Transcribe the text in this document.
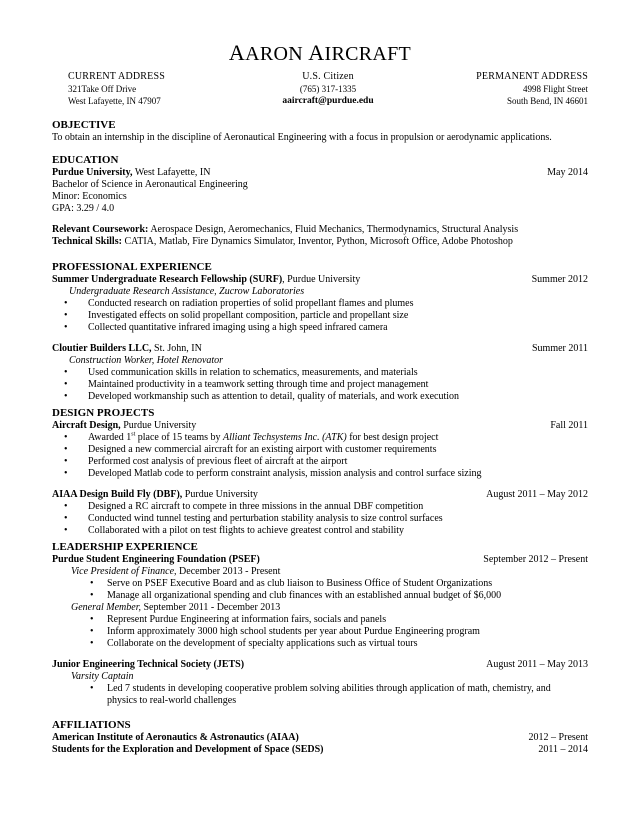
AARON AIRCRAFT
CURRENT ADDRESS
321Take Off Drive
West Lafayette, IN 47907
U.S. Citizen
(765) 317-1335
aaircraft@purdue.edu
PERMANENT ADDRESS
4998 Flight Street
South Bend, IN 46601
OBJECTIVE
To obtain an internship in the discipline of Aeronautical Engineering with a focus in propulsion or aerodynamic applications.
EDUCATION
Purdue University, West Lafayette, IN	May 2014
Bachelor of Science in Aeronautical Engineering
Minor: Economics
GPA: 3.29 / 4.0
Relevant Coursework: Aerospace Design, Aeromechanics, Fluid Mechanics, Thermodynamics, Structural Analysis
Technical Skills: CATIA, Matlab, Fire Dynamics Simulator, Inventor, Python, Microsoft Office, Adobe Photoshop
PROFESSIONAL EXPERIENCE
Summer Undergraduate Research Fellowship (SURF), Purdue University	Summer 2012
Undergraduate Research Assistance, Zucrow Laboratories
• Conducted research on radiation properties of solid propellant flames and plumes
• Investigated effects on solid propellant composition, particle and propellant size
• Collected quantitative infrared imaging using a high speed infrared camera
Cloutier Builders LLC, St. John, IN	Summer 2011
Construction Worker, Hotel Renovator
• Used communication skills in relation to schematics, measurements, and materials
• Maintained productivity in a teamwork setting through time and project management
• Developed workmanship such as attention to detail, quality of materials, and work execution
DESIGN PROJECTS
Aircraft Design, Purdue University	Fall 2011
• Awarded 1st place of 15 teams by Alliant Techsystems Inc. (ATK) for best design project
• Designed a new commercial aircraft for an existing airport with customer requirements
• Performed cost analysis of previous fleet of aircraft at the airport
• Developed Matlab code to perform constraint analysis, mission analysis and control surface sizing
AIAA Design Build Fly (DBF), Purdue University	August 2011 – May 2012
• Designed a RC aircraft to compete in three missions in the annual DBF competition
• Conducted wind tunnel testing and perturbation stability analysis to size control surfaces
• Collaborated with a pilot on test flights to achieve greatest control and stability
LEADERSHIP EXPERIENCE
Purdue Student Engineering Foundation (PSEF)	September 2012 – Present
Vice President of Finance, December 2013 - Present
• Serve on PSEF Executive Board and as club liaison to Business Office of Student Organizations
• Manage all organizational spending and club finances with an established annual budget of $6,000
General Member, September 2011 - December 2013
• Represent Purdue Engineering at information fairs, socials and panels
• Inform approximately 3000 high school students per year about Purdue Engineering program
• Collaborate on the development of specialty applications such as virtual tours
Junior Engineering Technical Society (JETS)	August 2011 – May 2013
Varsity Captain
• Led 7 students in developing cooperative problem solving abilities through application of math, chemistry, and
physics to real-world challenges
AFFILIATIONS
American Institute of Aeronautics & Astronautics (AIAA)	2012 – Present
Students for the Exploration and Development of Space (SEDS)	2011 – 2014
